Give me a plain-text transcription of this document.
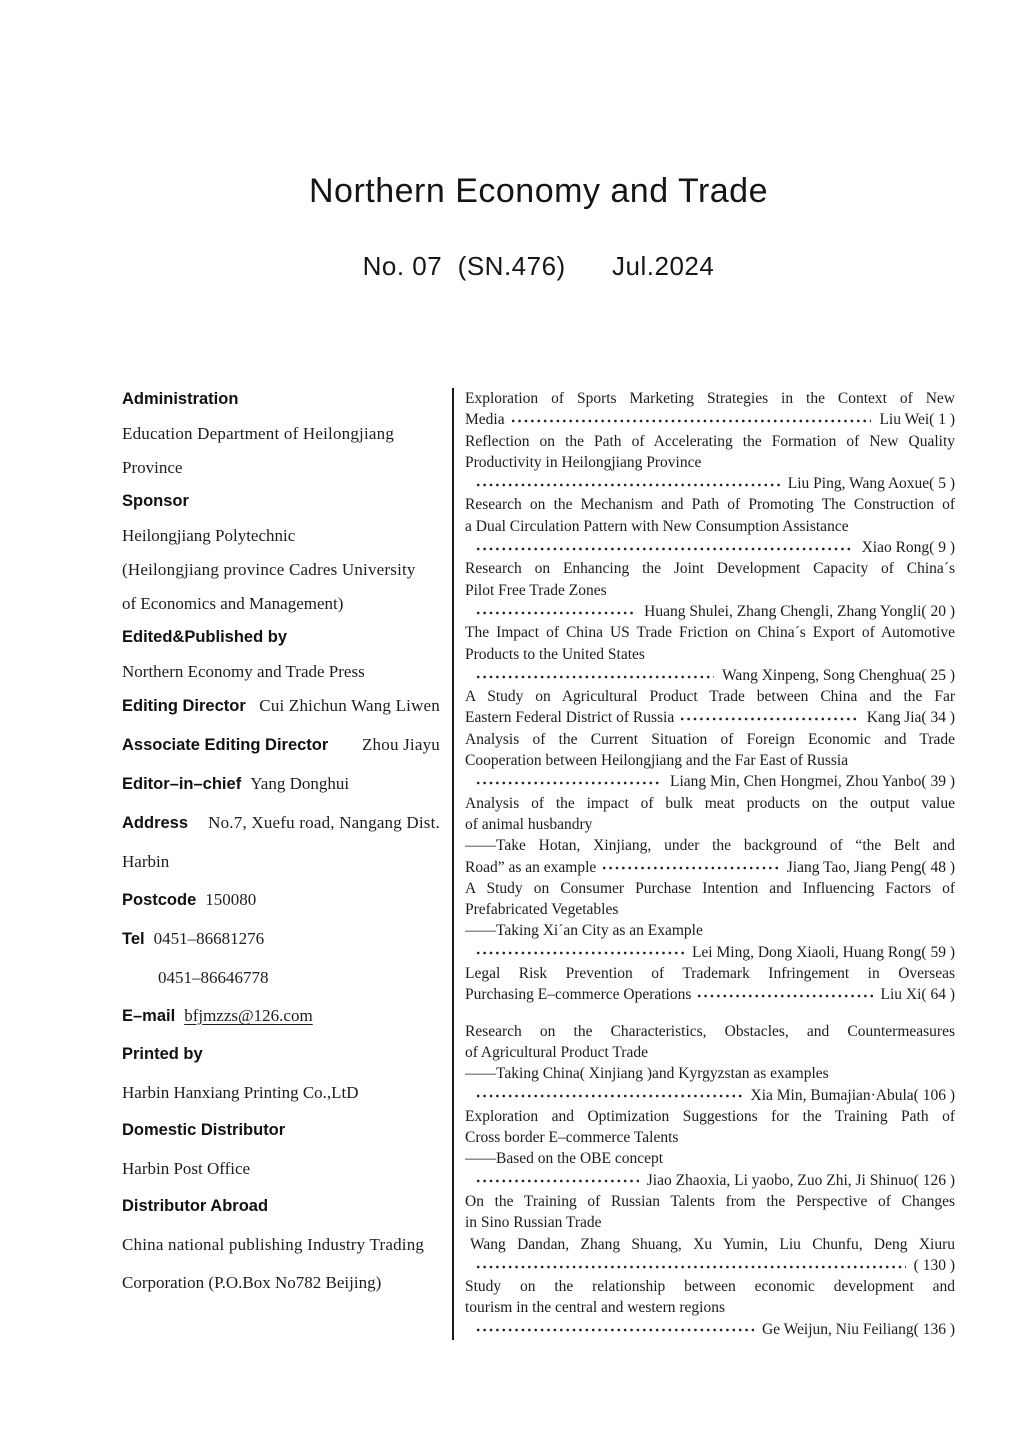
Northern Economy and Trade
No. 07  (SN.476)      Jul.2024
Administration
Education Department of Heilongjiang
Province
Sponsor
Heilongjiang Polytechnic
(Heilongjiang province Cadres University
of Economics and Management)
Edited&Published by
Northern Economy and Trade Press
Editing Director Cui Zhichun Wang Liwen
Associate Editing Director Zhou Jiayu
Editor–in–chief Yang Donghui
Address No.7, Xuefu road, Nangang Dist.
Harbin
Postcode 150080
Tel 0451–86681276
0451–86646778
E–mail bfjmzzs@126.com
Printed by
Harbin Hanxiang Printing Co.,LtD
Domestic Distributor
Harbin Post Office
Distributor Abroad
China national publishing Industry Trading
Corporation (P.O.Box No782 Beijing)
Exploration of Sports Marketing Strategies in the Context of New
Media	Liu Wei( 1 )
Reflection on the Path of Accelerating the Formation of New Quality
Productivity in Heilongjiang Province
Liu Ping, Wang Aoxue( 5 )
Research on the Mechanism and Path of Promoting The Construction of
a Dual Circulation Pattern with New Consumption Assistance
Xiao Rong( 9 )
Research on Enhancing the Joint Development Capacity of China´s
Pilot Free Trade Zones
Huang Shulei, Zhang Chengli, Zhang Yongli( 20 )
The Impact of China US Trade Friction on China´s Export of Automotive
Products to the United States
Wang Xinpeng, Song Chenghua( 25 )
A Study on Agricultural Product Trade between China and the Far
Eastern Federal District of Russia	Kang Jia( 34 )
Analysis of the Current Situation of Foreign Economic and Trade
Cooperation between Heilongjiang and the Far East of Russia
Liang Min, Chen Hongmei, Zhou Yanbo( 39 )
Analysis of the impact of bulk meat products on the output value
of animal husbandry
——Take Hotan, Xinjiang, under the background of “the Belt and
Road” as an example	Jiang Tao, Jiang Peng( 48 )
A Study on Consumer Purchase Intention and Influencing Factors of
Prefabricated Vegetables
——Taking Xi´an City as an Example
Lei Ming, Dong Xiaoli, Huang Rong( 59 )
Legal Risk Prevention of Trademark Infringement in Overseas
Purchasing E–commerce Operations	Liu Xi( 64 )
Research on the Characteristics, Obstacles, and Countermeasures
of Agricultural Product Trade
——Taking China( Xinjiang )and Kyrgyzstan as examples
Xia Min, Bumajian·Abula( 106 )
Exploration and Optimization Suggestions for the Training Path of
Cross border E–commerce Talents
——Based on the OBE concept
Jiao Zhaoxia, Li yaobo, Zuo Zhi, Ji Shinuo( 126 )
On the Training of Russian Talents from the Perspective of Changes
in Sino Russian Trade
Wang Dandan, Zhang Shuang, Xu Yumin, Liu Chunfu, Deng Xiuru
( 130 )
Study on the relationship between economic development and
tourism in the central and western regions
Ge Weijun, Niu Feiliang( 136 )
